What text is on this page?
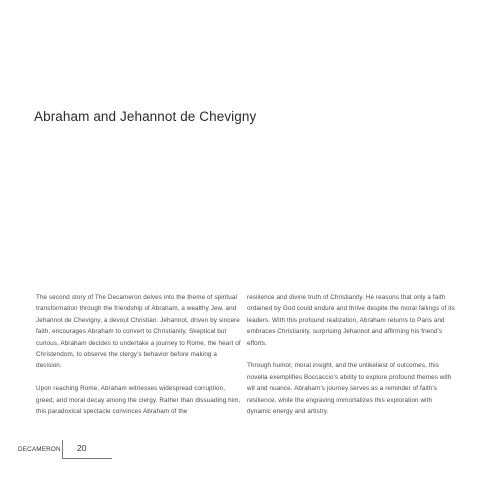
Abraham and Jehannot de Chevigny

The second story of The Decameron delves into the theme of spiritual transformation through the friendship of Abraham, a wealthy Jew, and Jehannot de Chevigny, a devout Christian. Jehannot, driven by sincere faith, encourages Abraham to convert to Christianity. Skeptical but curious, Abraham decides to undertake a journey to Rome, the heart of Christendom, to observe the clergy’s behavior before making a decision.

Upon reaching Rome, Abraham witnesses widespread corruption, greed, and moral decay among the clergy. Rather than dissuading him, this paradoxical spectacle convinces Abraham of the

resilience and divine truth of Christianity. He reasons that only a faith ordained by God could endure and thrive despite the moral failings of its leaders. With this profound realization, Abraham returns to Paris and embraces Christianity, surprising Jehannot and affirming his friend’s efforts.

Through humor, moral insight, and the unlikeliest of outcomes, this novella exemplifies Boccaccio’s ability to explore profound themes with wit and nuance. Abraham’s journey serves as a reminder of faith’s resilience, while the engraving immortalizes this exploration with dynamic energy and artistry.

DECAMERON 20
